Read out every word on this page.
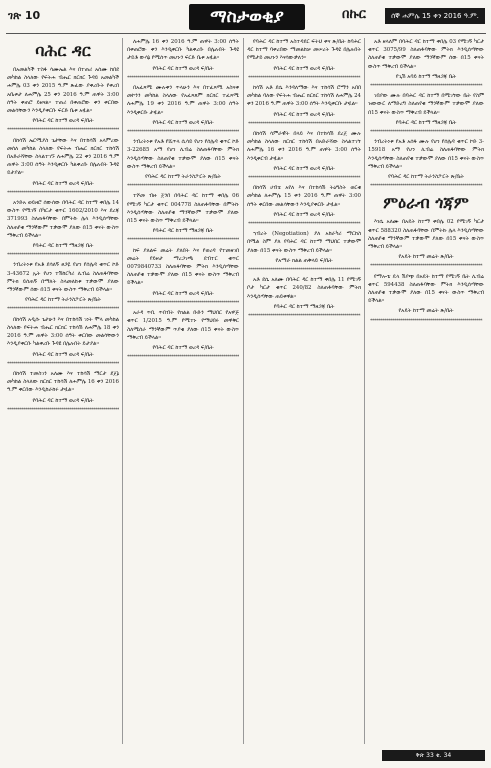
ገጽ 10	ማስታወቂያ	በኩር	ሰኞ ሐምሌ 15 ቀን 2016 ዓ.ም.
ባሕር ዳር

በአመልካች ተስፋ ሳሙኤል እና በተጠሪ አሰሙ ከበደ መካከል ስላለው የፍትሐ ብሔር ክርክር ጉዳይ አመልካች ሐምሌ 03 ቀን 2015 ዓ.ም ጽፈው ያቀረቡት የቀረበ አቤቱታ ለሐምሌ 25 ቀን 2016 ዓ.ም ጠዋት 3:00 ሰዓት ቀጠሮ ይዘናል። ተጠሪ በቀጠሮው ቀን ቀርበው መልሳቸውን እንዲያቀርቡ ፍርድ ቤቱ አዟል።

የባሕር ዳር ከተማ ወረዳ ፍ/ቤት

********************************************************

በከሳሽ ኤርሚያስ ጌታቸው እና በተከሳሽ አላምረው መሰለ መካከል ስላለው የፍትሐ ብሔር ክርክር ተከሳሽ በአድራሻቸው ስላልተገኙ ለሐምሌ 22 ቀን 2016 ዓ.ም ጠዋት 3:00 ሰዓት እንዲቀርቡ ካልቀረቡ በሌሉበት ጉዳዩ ይታያል።

የባሕር ዳር ከተማ ወረዳ ፍ/ቤት

********************************************************

አንድአ ወይዘሮ ሰውሰው በባሕር ዳር ከተማ ቀበሌ 14 ውስጥ የሚገኝ በካርታ ቁጥር 1602/2010 እና ደረጃ 371993 ስለጠፋባቸው በምትኩ ሌላ እንዲሰጣቸው ስለጠየቁ ማንኛውም ተቃውሞ ያለው በ15 ቀናት ውስጥ ማቅረብ ይችላል።

የባሕር ዳር ከተማ ማዘጋጃ ቤት

********************************************************

ንብረትነቱ የአቶ ደሳለኝ ፀጋዬ የሆነ የሰሌዳ ቁጥር ኮድ 3-43672 ኢት የሆነ ተሽከርካሪ ሊብሬ ስለጠፋባቸው ምትክ ይሰጠኝ በማለት ስላመለከቱ ተቃውሞ ያለው ማንኛውም ሰው በ15 ቀናት ውስጥ ማቅረብ ይችላል።

የባሕር ዳር ከተማ ትራንስፖርት ጽ/ቤት

********************************************************

በከሳሽ አዲሱ ጌታሁን እና በተከሳሽ ገነት ሞላ መካከል ስላለው የፍትሐ ብሔር ክርክር ተከሳሽ ለሐምሌ 18 ቀን 2016 ዓ.ም ጠዋት 3:00 ሰዓት ቀርበው መልሳቸውን እንዲያቀርቡ ካልቀረቡ ጉዳዩ በሌሉበት ይታያል።

የባሕር ዳር ከተማ ወረዳ ፍ/ቤት

********************************************************

በከሳሽ ተመስገን አለሙ እና ተከሳሽ ማርታ ደጀኔ መካከል ስላለው ክርክር ተከሳሽ ለሐምሌ 16 ቀን 2016 ዓ.ም ቀርበው እንዲከራከሩ ታዟል።

የባሕር ዳር ከተማ ወረዳ ፍ/ቤት

********************************************************

ለሐምሌ 16 ቀን 2016 ዓ.ም ጠዋት 3:00 ሰዓት በቀጠሮው ቀን እንዲቀርቡ ካልቀረቡ በሌሉበት ጉዳዩ ታይቶ ውሳኔ የሚሰጥ መሆኑን ፍርድ ቤቱ አዟል።

የባሕር ዳር ከተማ ወረዳ ፍ/ቤት

********************************************************

በአፈጻሚ ሙሉቀን ጥላሁን እና በተፈጻሚ አስናቀ መኮንን መካከል ስላለው የአፈጻጸም ክርክር ተፈጻሚ ለሐምሌ 19 ቀን 2016 ዓ.ም ጠዋት 3:00 ሰዓት እንዲቀርቡ ታዟል።

የባሕር ዳር ከተማ ወረዳ ፍ/ቤት

********************************************************

ንብረትነቱ የአቶ የሺጥላ ሲሳይ የሆነ የሰሌዳ ቁጥር ኮድ 3-22685 አማ የሆነ ሊብሬ ስለጠፋባቸው ምትክ እንዲሰጣቸው ስለጠየቁ ተቃውሞ ያለው በ15 ቀናት ውስጥ ማቅረብ ይችላል።

የባሕር ዳር ከተማ ትራንስፖርት ጽ/ቤት

********************************************************

ተሾመ ብዙ ጀንበ በባሕር ዳር ከተማ ቀበሌ 06 የሚገኝ ካርታ ቁጥር 004778 ስለጠፋባቸው በምትኩ እንዲሰጣቸው ስለጠየቁ ማንኛውም ተቃውሞ ያለው በ15 ቀናት ውስጥ ማቅረብ ይችላል።

የባሕር ዳር ከተማ ማዘጋጃ ቤት

********************************************************

ከፍ ያለልፍ መሬት ያለበት እና የወረዳ የተመዘገበ መሬት የይዞታ ማረጋገጫ ደብተር ቁጥር 0079840733 ስለጠፋባቸው ምትክ እንዲሰጣቸው ስለጠየቁ ተቃውሞ ያለው በ15 ቀናት ውስጥ ማቅረብ ይችላል።

የባሕር ዳር ከተማ ወረዳ ፍ/ቤት

********************************************************

አራዳ ጥቢ ጥበብት የክልል ቡድን ማህበር የአዋጅ ቁጥር 1/2015 ዓ.ም የሚተኑ የማህበሩ መዋቅር ስለሚሰራ ማንኛውም ጥያቄ ያለው በ15 ቀናት ውስጥ ማቅረብ ይችላል።

የባሕር ዳር ከተማ ወረዳ ፍ/ቤት

********************************************************

የባሕር ዳር ከተማ አስተዳደር ፍትህ ቀና ጽ/ቤት ከባሕር ዳር ከተማ ባቀረበው ማመልከቻ መሠረት ጉዳዩ በሌሉበት የሚታይ መሆኑን እናሳውቃለን።

የባሕር ዳር ከተማ ወረዳ ፍ/ቤት

********************************************************

ከሳሽ አቶ ደሴ እንዳለማው እና ተከሳሽ ሮማን አበበ መካከል ባለው የፍትሐ ብሔር ክርክር ተከሳሽ ለሐምሌ 24 ቀን 2016 ዓ.ም ጠዋት 3:00 ሰዓት እንዲቀርቡ ታዟል።

የባሕር ዳር ከተማ ወረዳ ፍ/ቤት

********************************************************

በከሳሽ ሳምራዊት በላይ እና በተከሳሽ ደረጀ ሙሉ መካከል ስላለው ክርክር ተከሳሽ በአድራሻው ስላልተገኘ ለሐምሌ 16 ቀን 2016 ዓ.ም ጠዋት 3:00 ሰዓት እንዲቀርብ ታዟል።

የባሕር ዳር ከተማ ወረዳ ፍ/ቤት

********************************************************

በከሳሽ ሀብቴ አየለ እና በተከሳሽ ትዕግስት ወርቁ መካከል ለሐምሌ 15 ቀን 2016 ዓ.ም ጠዋት 3:00 ሰዓት ቀርበው መልሳቸውን እንዲያቀርቡ ታዟል።

የባሕር ዳር ከተማ ወረዳ ፍ/ቤት

********************************************************

ኅብረት (Negotiation) ያለ አከራካሪ ማርከስ በሚል ስም ያለ የባሕር ዳር ከተማ ማህበር ተቃውሞ ያለው በ15 ቀናት ውስጥ ማቅረብ ይችላል።

የአማራ ክልል ጠቅላይ ፍ/ቤት

********************************************************

አቶ ደሴ አለሙ በባሕር ዳር ከተማ ቀበሌ 11 የሚገኝ ቦታ ካርታ ቁጥር 240/82 ስለጠፋባቸው ምትክ እንዲሰጣቸው ጠይቀዋል።

የባሕር ዳር ከተማ ማዘጋጃ ቤት

********************************************************

አቶ ዘላለም በባሕር ዳር ከተማ ቀበሌ 03 የሚገኝ ካርታ ቁጥር 3075/99 ስለጠፋባቸው ምትክ እንዲሰጣቸው ስለጠየቁ ተቃውሞ ያለው ማንኛውም ሰው በ15 ቀናት ውስጥ ማቅረብ ይችላል።

የጊሽ አባይ ከተማ ማዘጋጃ ቤት

********************************************************

ገበያው ሙሉ በባሕር ዳር ከተማ በሚገኘው ቤት የስም ዝውውር ለማድረግ ስለጠየቁ ማንኛውም ተቃውሞ ያለው በ15 ቀናት ውስጥ ማቅረብ ይችላል።

የባሕር ዳር ከተማ ማዘጋጃ ቤት

********************************************************

ንብረትነቱ የአቶ አሰፋ ሙሉ የሆነ የሰሌዳ ቁጥር ኮድ 3-15918 አማ የሆነ ሊብሬ ስለጠፋባቸው ምትክ እንዲሰጣቸው ስለጠየቁ ተቃውሞ ያለው በ15 ቀናት ውስጥ ማቅረብ ይችላል።

የባሕር ዳር ከተማ ትራንስፖርት ጽ/ቤት

********************************************************
ምዕራብ ጎጃም

እነሴ አለሙ በአዴት ከተማ ቀበሌ 02 የሚገኝ ካርታ ቁጥር 588320 ስለጠፋባቸው በምትኩ ሌላ እንዲሰጣቸው ስለጠየቁ ማንኛውም ተቃውሞ ያለው በ15 ቀናት ውስጥ ማቅረብ ይችላል።

የአዴት ከተማ መሬት ጽ/ቤት

********************************************************

የማሎቴ ዴላ ሽያጭ በአዴት ከተማ የሚገኝ ቤት ሊብሬ ቁጥር 594438 ስለጠፋባቸው ምትክ እንዲሰጣቸው ስለጠየቁ ተቃውሞ ያለው በ15 ቀናት ውስጥ ማቅረብ ይችላል።

የአዴት ከተማ መሬት ጽ/ቤት

********************************************************
ቅጽ 33 ቁ. 34
